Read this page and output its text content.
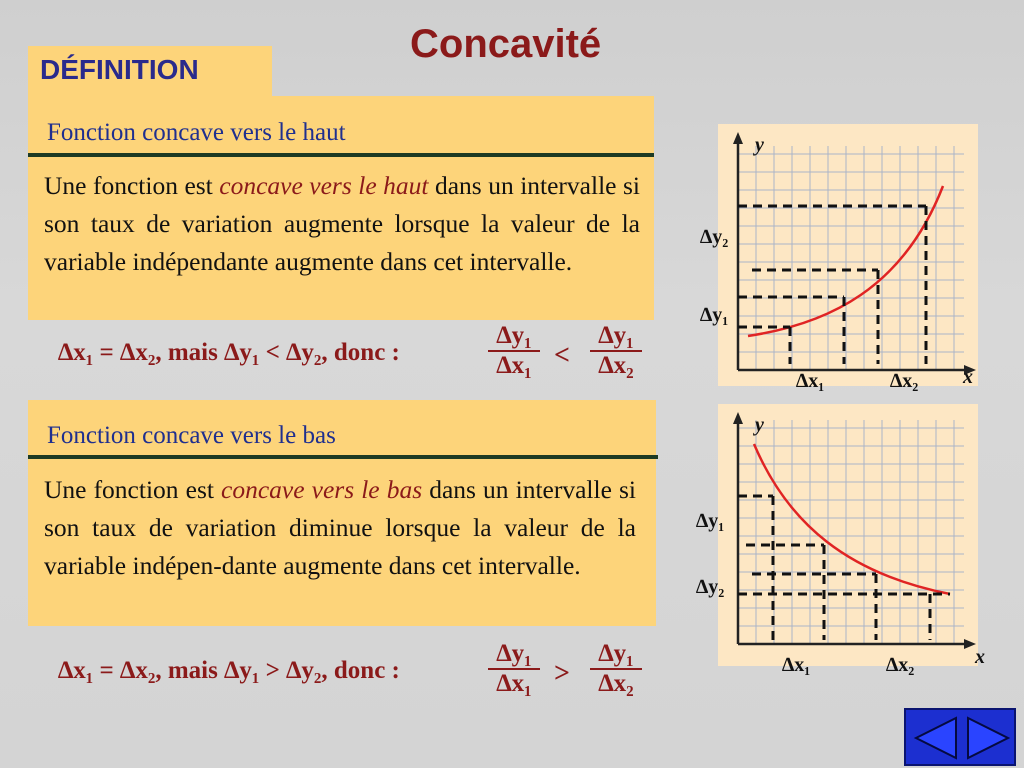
Concavité
DÉFINITION
Fonction concave vers le haut
Une fonction est concave vers le haut dans un intervalle si son taux de variation augmente lorsque la valeur de la variable indépendante augmente dans cet intervalle.
∆x₁ = ∆x₂, mais ∆y₁ < ∆y₂, donc :	$\frac{\text{∆y₁}}{\text{∆x₁}} < \frac{\text{∆y₁}}{\text{∆x₂}}$
Fonction concave vers le bas
Une fonction est concave vers le bas dans un intervalle si son taux de variation diminue lorsque la valeur de la variable indépen-dante augmente dans cet intervalle.
∆x₁ = ∆x₂, mais ∆y₁ > ∆y₂, donc :	$\frac{\text{∆y₁}}{\text{∆x₁}} > \frac{\text{∆y₁}}{\text{∆x₂}}$
y
x
∆y₂
∆y₁
∆x₁	∆x₂
y
x
∆y₁
∆y₂
∆x₁	∆x₂
